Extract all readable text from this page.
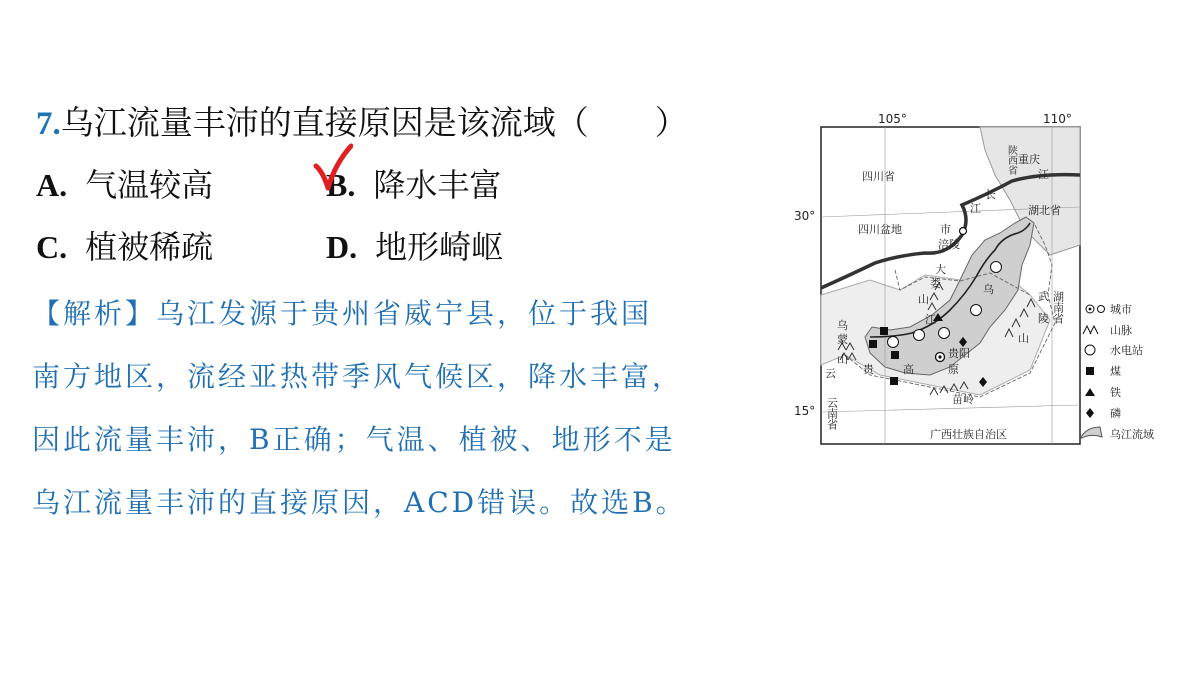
7.乌江流量丰沛的直接原因是该流域（　　）
A. 气温较高	B. 降水丰富
C. 植被稀疏	D. 地形崎岖

【解析】乌江发源于贵州省威宁县，位于我国

南方地区，流经亚热带季风气候区，降水丰富，

因此流量丰沛，B正确；气温、植被、地形不是

乌江流量丰沛的直接原因，ACD错误。故选B。

105°	110°
30°
15°
四川省
四川盆地
陕西省 重庆
江
湖北省
长
江
市
涪陵
乌
大
娄
山
江
武
陵
山
湖南省
乌
蒙
山
云
云南省
贵	高
贵阳
原
苗岭
广西壮族自治区
城市
山脉
水电站
煤
铁
磷
乌江流域
